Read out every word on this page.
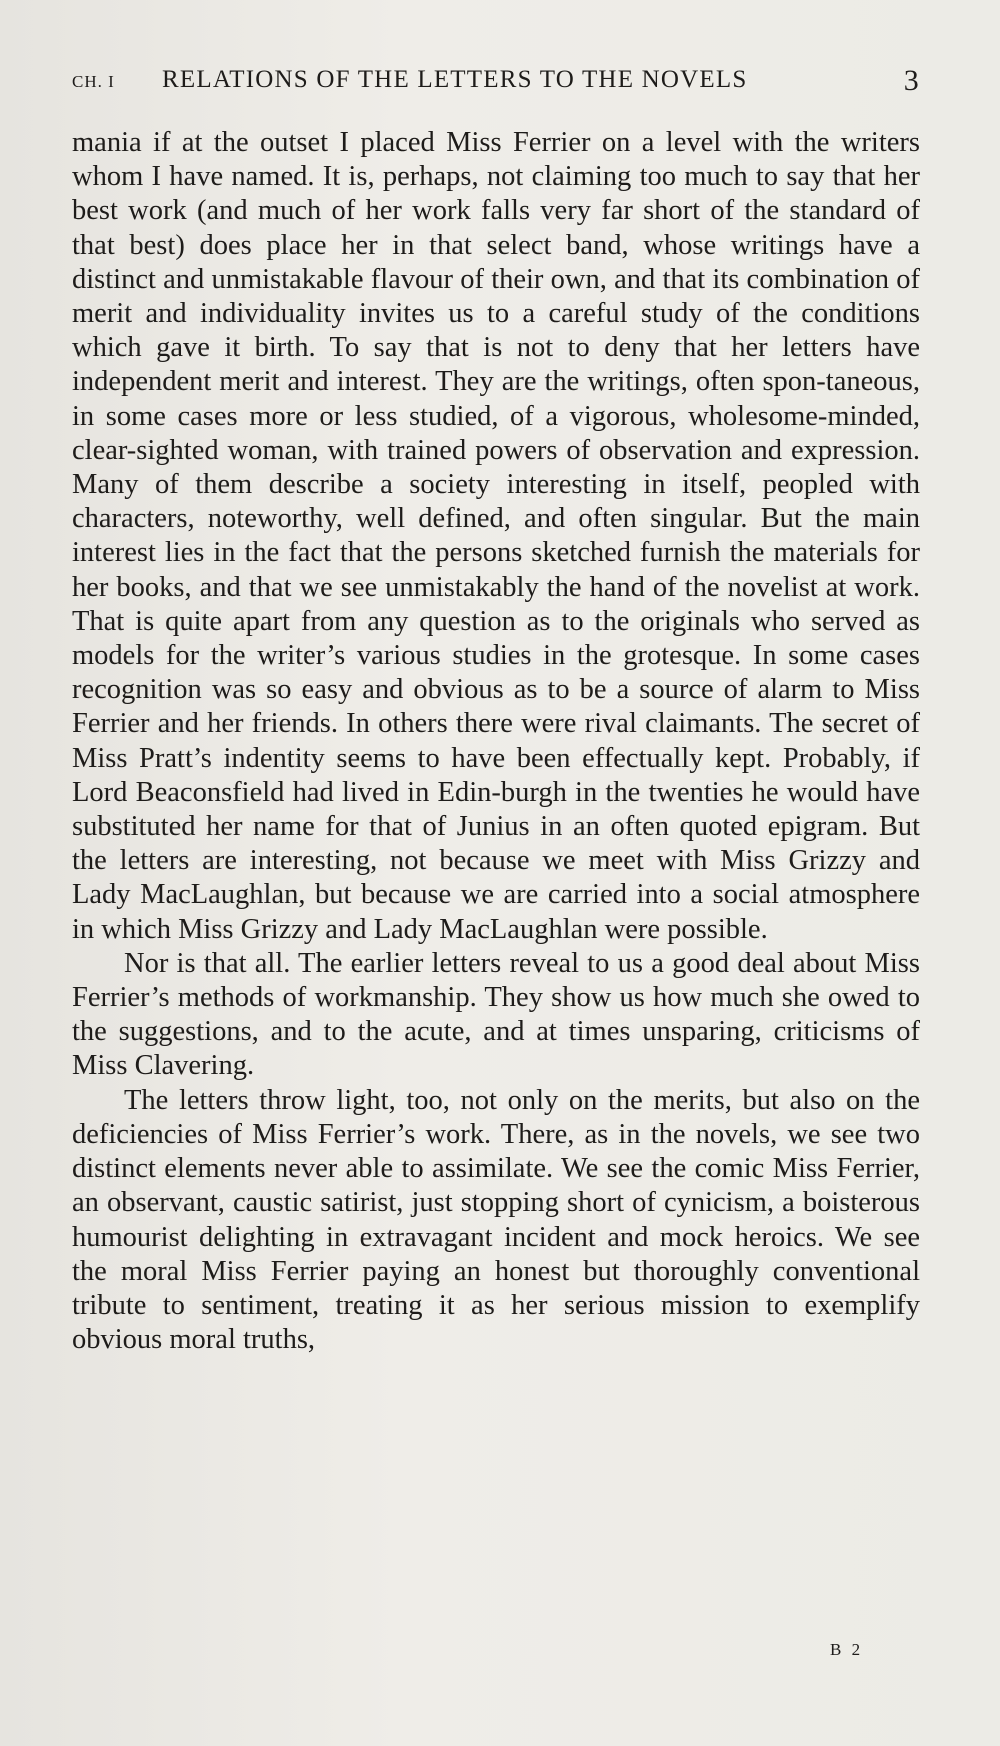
CH. I RELATIONS OF THE LETTERS TO THE NOVELS	3

mania if at the outset I placed Miss Ferrier on a level with the writers whom I have named. It is, perhaps, not claiming too much to say that her best work (and much of her work falls very far short of the standard of that best) does place her in that select band, whose writings have a distinct and unmistakable flavour of their own, and that its combination of merit and individuality invites us to a careful study of the conditions which gave it birth. To say that is not to deny that her letters have independent merit and interest. They are the writings, often spon-taneous, in some cases more or less studied, of a vigorous, wholesome-minded, clear-sighted woman, with trained powers of observation and expression. Many of them describe a society interesting in itself, peopled with characters, noteworthy, well defined, and often singular. But the main interest lies in the fact that the persons sketched furnish the materials for her books, and that we see unmistakably the hand of the novelist at work. That is quite apart from any question as to the originals who served as models for the writer’s various studies in the grotesque. In some cases recognition was so easy and obvious as to be a source of alarm to Miss Ferrier and her friends. In others there were rival claimants. The secret of Miss Pratt’s indentity seems to have been effectually kept. Probably, if Lord Beaconsfield had lived in Edin-burgh in the twenties he would have substituted her name for that of Junius in an often quoted epigram. But the letters are interesting, not because we meet with Miss Grizzy and Lady MacLaughlan, but because we are carried into a social atmosphere in which Miss Grizzy and Lady MacLaughlan were possible.

Nor is that all. The earlier letters reveal to us a good deal about Miss Ferrier’s methods of workmanship. They show us how much she owed to the suggestions, and to the acute, and at times unsparing, criticisms of Miss Clavering.

The letters throw light, too, not only on the merits, but also on the deficiencies of Miss Ferrier’s work. There, as in the novels, we see two distinct elements never able to assimilate. We see the comic Miss Ferrier, an observant, caustic satirist, just stopping short of cynicism, a boisterous humourist delighting in extravagant incident and mock heroics. We see the moral Miss Ferrier paying an honest but thoroughly conventional tribute to sentiment, treating it as her serious mission to exemplify obvious moral truths,

B 2
